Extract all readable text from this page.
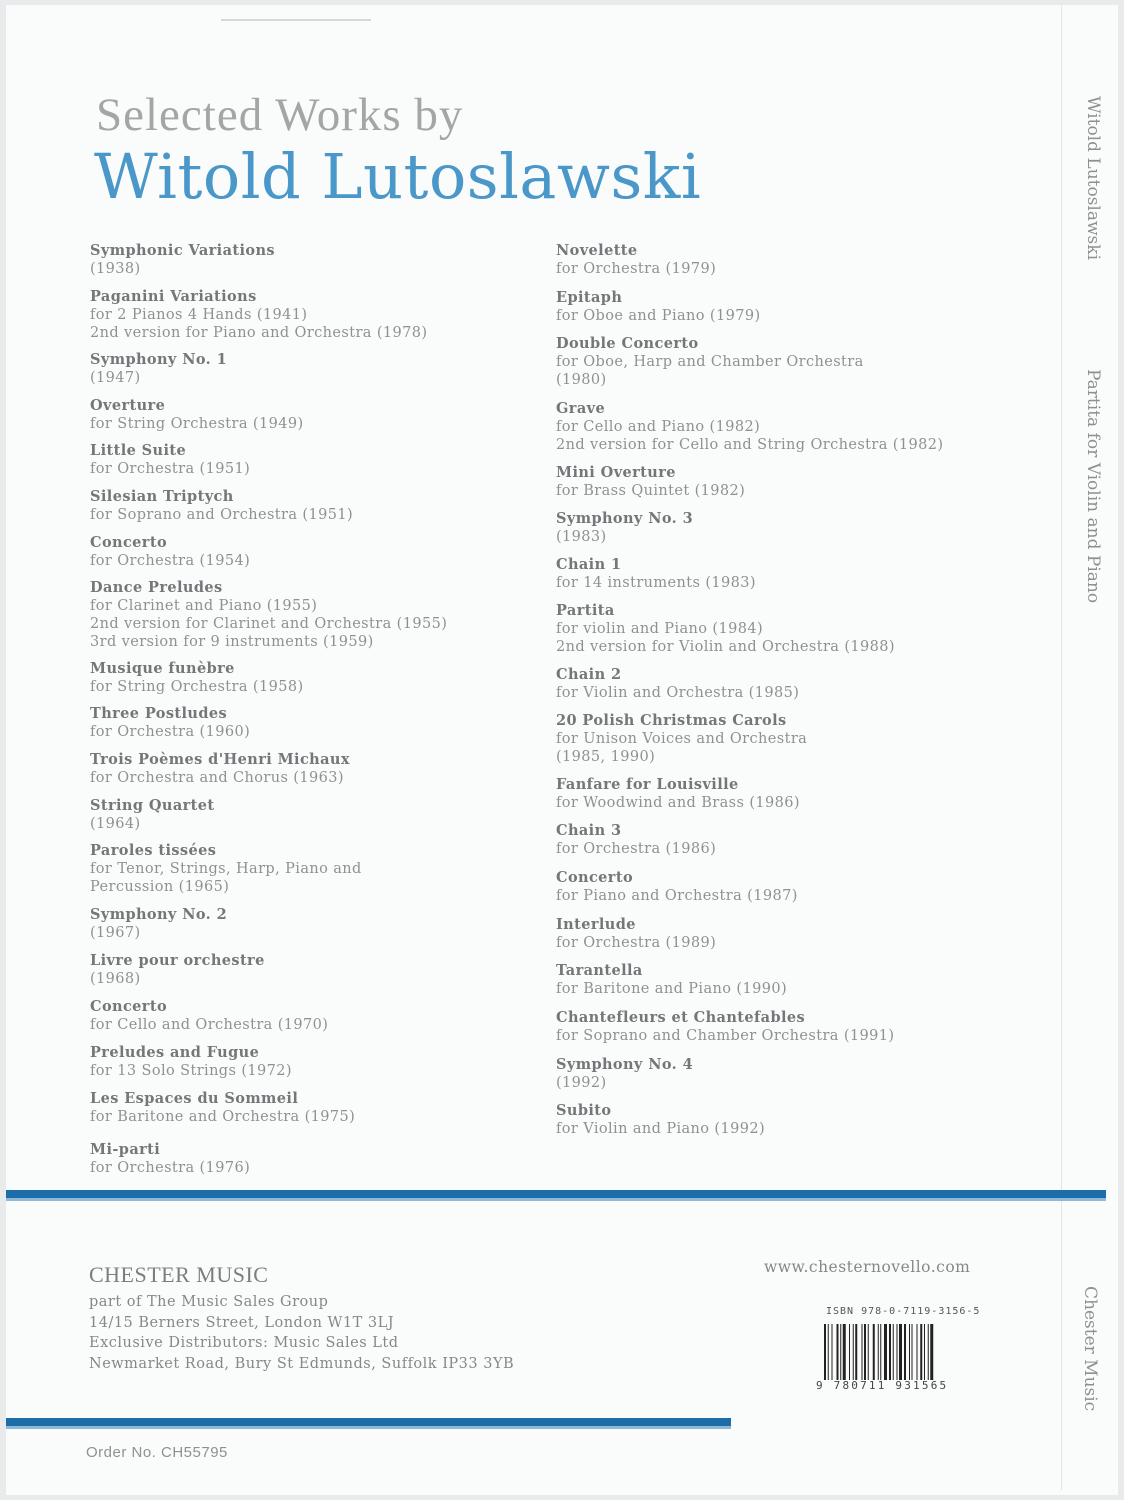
Selected Works by
Witold Lutoslawski
Symphonic Variations
(1938)
Paganini Variations
for 2 Pianos 4 Hands (1941)
2nd version for Piano and Orchestra (1978)
Symphony No. 1
(1947)
Overture
for String Orchestra (1949)
Little Suite
for Orchestra (1951)
Silesian Triptych
for Soprano and Orchestra (1951)
Concerto
for Orchestra (1954)
Dance Preludes
for Clarinet and Piano (1955)
2nd version for Clarinet and Orchestra (1955)
3rd version for 9 instruments (1959)
Musique funèbre
for String Orchestra (1958)
Three Postludes
for Orchestra (1960)
Trois Poèmes d'Henri Michaux
for Orchestra and Chorus (1963)
String Quartet
(1964)
Paroles tissées
for Tenor, Strings, Harp, Piano and
Percussion (1965)
Symphony No. 2
(1967)
Livre pour orchestre
(1968)
Concerto
for Cello and Orchestra (1970)
Preludes and Fugue
for 13 Solo Strings (1972)
Les Espaces du Sommeil
for Baritone and Orchestra (1975)
Mi-parti
for Orchestra (1976)
Novelette
for Orchestra (1979)
Epitaph
for Oboe and Piano (1979)
Double Concerto
for Oboe, Harp and Chamber Orchestra
(1980)
Grave
for Cello and Piano (1982)
2nd version for Cello and String Orchestra (1982)
Mini Overture
for Brass Quintet (1982)
Symphony No. 3
(1983)
Chain 1
for 14 instruments (1983)
Partita
for violin and Piano (1984)
2nd version for Violin and Orchestra (1988)
Chain 2
for Violin and Orchestra (1985)
20 Polish Christmas Carols
for Unison Voices and Orchestra
(1985, 1990)
Fanfare for Louisville
for Woodwind and Brass (1986)
Chain 3
for Orchestra (1986)
Concerto
for Piano and Orchestra (1987)
Interlude
for Orchestra (1989)
Tarantella
for Baritone and Piano (1990)
Chantefleurs et Chantefables
for Soprano and Chamber Orchestra (1991)
Symphony No. 4
(1992)
Subito
for Violin and Piano (1992)
Witold Lutoslawski
Partita for Violin and Piano
Chester Music
CHESTER MUSIC
part of The Music Sales Group
14/15 Berners Street, London W1T 3LJ
Exclusive Distributors: Music Sales Ltd
Newmarket Road, Bury St Edmunds, Suffolk IP33 3YB
www.chesternovello.com
ISBN 978-0-7119-3156-5
9 780711 931565
Order No. CH55795
